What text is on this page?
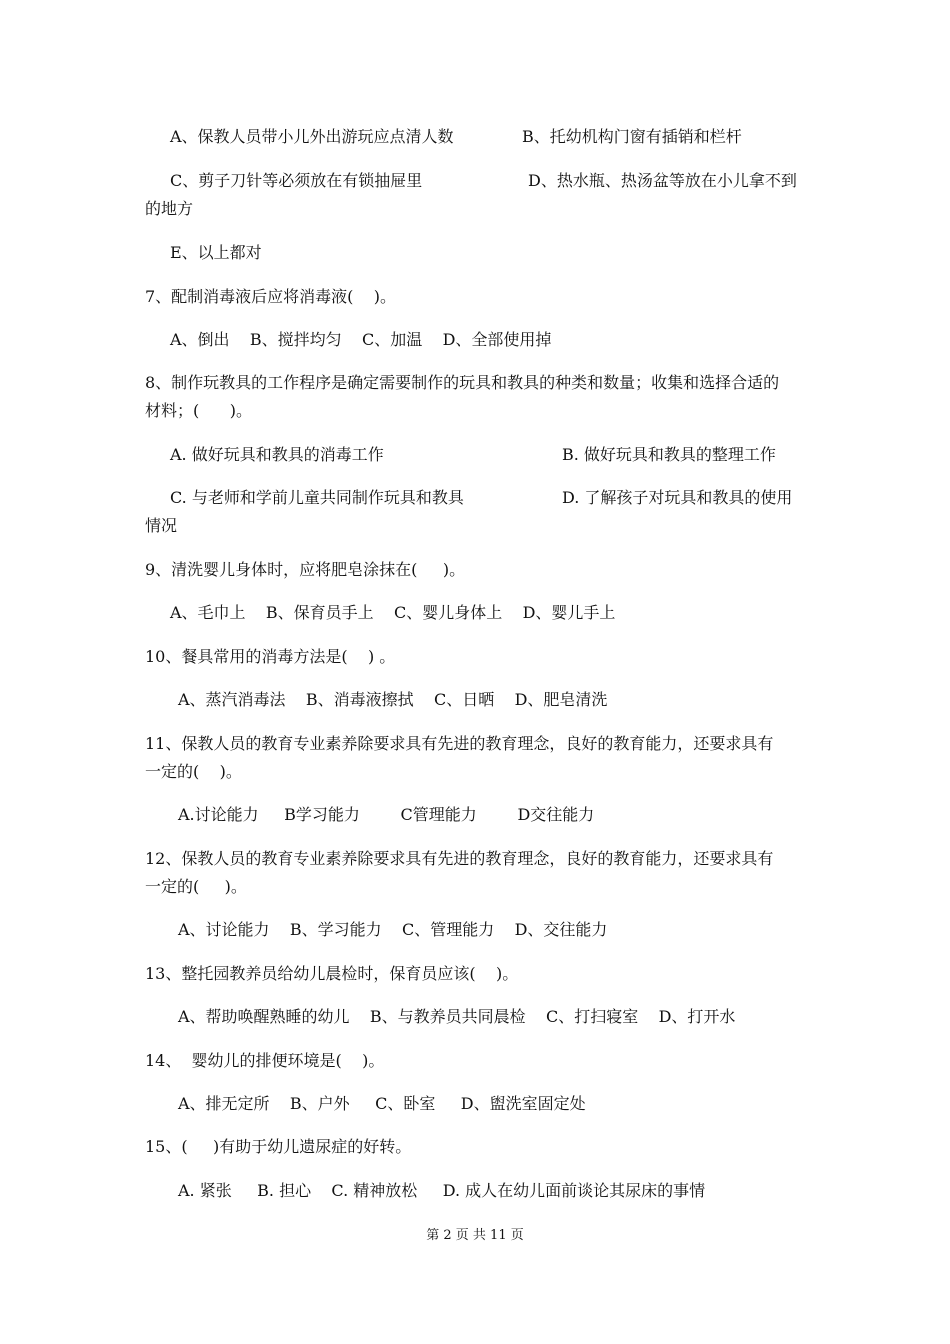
A、保教人员带小儿外出游玩应点清人数	B、托幼机构门窗有插销和栏杆

C、剪子刀针等必须放在有锁抽屉里	D、热水瓶、热汤盆等放在小儿拿不到

的地方

E、以上都对

7、配制消毒液后应将消毒液(    )。

A、倒出    B、搅拌均匀    C、加温    D、全部使用掉

8、制作玩教具的工作程序是确定需要制作的玩具和教具的种类和数量；收集和选择合适的

材料；(      )。

A. 做好玩具和教具的消毒工作	B. 做好玩具和教具的整理工作

C. 与老师和学前儿童共同制作玩具和教具	D. 了解孩子对玩具和教具的使用

情况

9、清洗婴儿身体时，应将肥皂涂抹在(     )。

A、毛巾上    B、保育员手上    C、婴儿身体上    D、婴儿手上

10、餐具常用的消毒方法是(    ) 。

A、蒸汽消毒法    B、消毒液擦拭    C、日晒    D、肥皂清洗

11、保教人员的教育专业素养除要求具有先进的教育理念，良好的教育能力，还要求具有

一定的(    )。

A.讨论能力     B学习能力        C管理能力        D交往能力

12、保教人员的教育专业素养除要求具有先进的教育理念，良好的教育能力，还要求具有

一定的(     )。

A、讨论能力    B、学习能力    C、管理能力    D、交往能力

13、整托园教养员给幼儿晨检时，保育员应该(    )。

A、帮助唤醒熟睡的幼儿    B、与教养员共同晨检    C、打扫寝室    D、打开水

14、  婴幼儿的排便环境是(    )。

A、排无定所    B、户外     C、卧室     D、盥洗室固定处

15、(     )有助于幼儿遗尿症的好转。

A. 紧张     B. 担心    C. 精神放松     D. 成人在幼儿面前谈论其尿床的事情

第 2 页 共 11 页
